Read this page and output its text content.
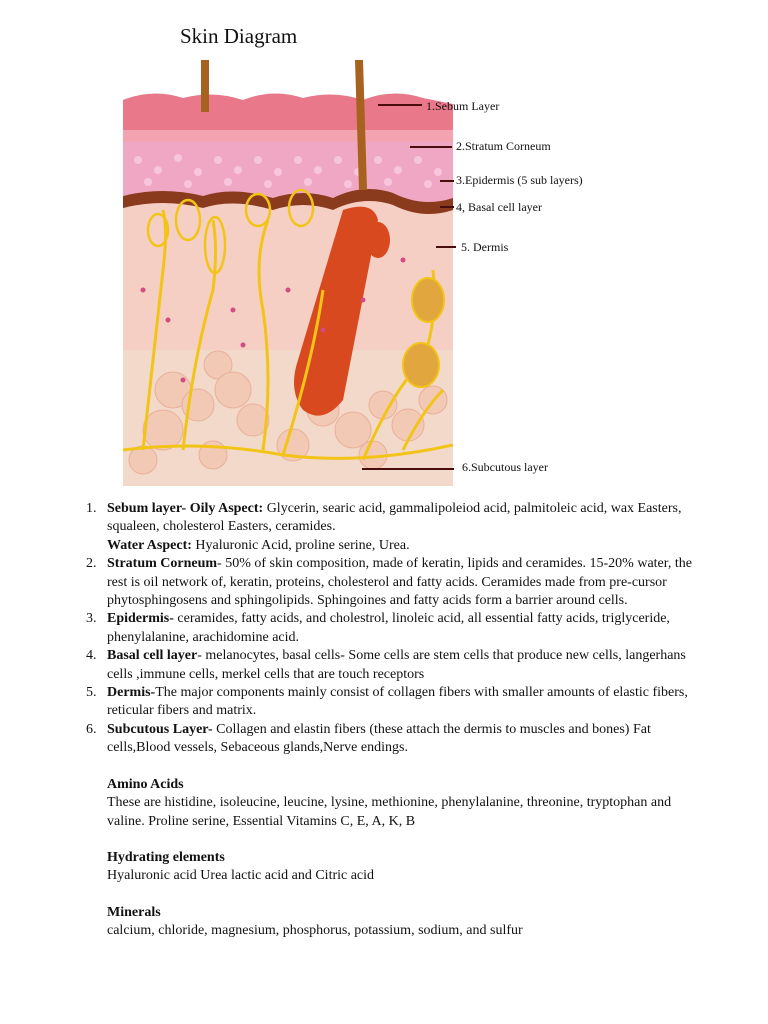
Skin Diagram
1.Sebum Layer
2.Stratum Corneum
3.Epidermis (5 sub layers)
4, Basal cell layer
5. Dermis
6.Subcutous layer
1. Sebum layer- Oily Aspect: Glycerin, searic acid, gammalipoleiod acid, palmitoleic acid, wax Easters, squaleen, cholesterol Easters, ceramides.
Water Aspect: Hyaluronic Acid, proline serine, Urea.
2. Stratum Corneum- 50% of skin composition, made of keratin, lipids and ceramides. 15-20% water, the rest is oil network of, keratin, proteins, cholesterol and fatty acids. Ceramides made from pre-cursor phytosphingosens and sphingolipids. Sphingoines and fatty acids form a barrier around cells.
3. Epidermis- ceramides, fatty acids, and cholestrol, linoleic acid, all essential fatty acids, triglyceride, phenylalanine, arachidomine acid.
4. Basal cell layer- melanocytes, basal cells- Some cells are stem cells that produce new cells, langerhans cells ,immune cells, merkel cells that are touch receptors
5. Dermis-The major components mainly consist of collagen fibers with smaller amounts of elastic fibers, reticular fibers and matrix.
6. Subcutous Layer- Collagen and elastin fibers (these attach the dermis to muscles and bones) Fat cells,Blood vessels, Sebaceous glands,Nerve endings.
Amino Acids

These are histidine, isoleucine, leucine, lysine, methionine, phenylalanine, threonine, tryptophan and valine. Proline serine, Essential Vitamins C, E, A, K, B

Hydrating elements

Hyaluronic acid Urea lactic acid and Citric acid

Minerals

calcium, chloride, magnesium, phosphorus, potassium, sodium, and sulfur
